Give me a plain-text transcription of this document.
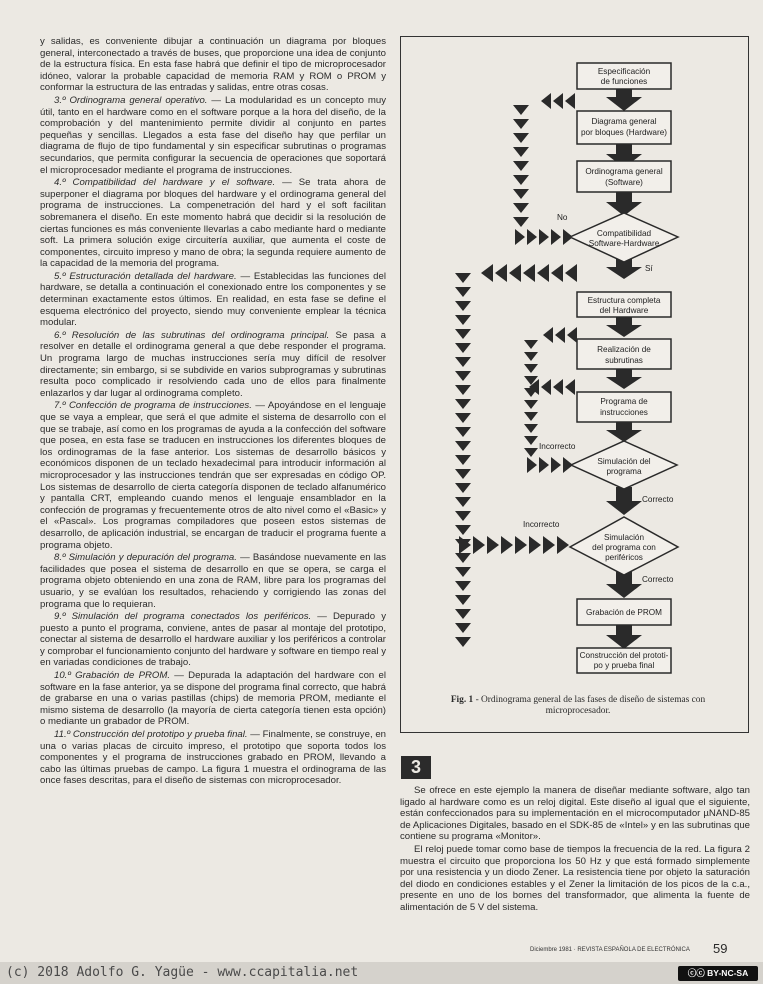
y salidas, es conveniente dibujar a continuación un diagrama por bloques general, interconectado a través de buses, que proporcione una idea de conjunto de la estructura física. En esta fase habrá que definir el tipo de microprocesador idóneo, valorar la probable capacidad de memoria RAM y ROM o PROM y conformar la estructura de las entradas y salidas, entre otras cosas.

3.º Ordinograma general operativo. — La modularidad es un concepto muy útil, tanto en el hardware como en el software porque a la hora del diseño, de la comprobación y del mantenimiento permite dividir al conjunto en partes pequeñas y sencillas. Llegados a esta fase del diseño hay que perfilar un diagrama de flujo de tipo fundamental y sin especificar subrutinas o programas secundarios, que permita configurar la secuencia de operaciones que soportará el microprocesador mediante el programa de instrucciones.

4.º Compatibilidad del hardware y el software. — Se trata ahora de superponer el diagrama por bloques del hardware y el ordinograma general del programa de instrucciones. La compenetración del hard y el soft facilitan sobremanera el diseño. En este momento habrá que decidir si la resolución de ciertas funciones es más conveniente llevarlas a cabo mediante hard o mediante soft. La primera solución exige circuitería auxiliar, que aumenta el coste de componentes, circuito impreso y mano de obra; la segunda requiere aumento de la capacidad de la memoria del programa.

5.º Estructuración detallada del hardware. — Establecidas las funciones del hardware, se detalla a continuación el conexionado entre los componentes y se determinan exactamente estos últimos. En realidad, en esta fase se define el esquema electrónico del proyecto, siendo muy conveniente emplear la técnica modular.

6.º Resolución de las subrutinas del ordinograma principal. Se pasa a resolver en detalle el ordinograma general a que debe responder el programa. Un programa largo de muchas instrucciones sería muy difícil de resolver directamente; sin embargo, si se subdivide en varios subprogramas y subrutinas resulta poco complicado ir resolviendo cada uno de ellos para finalmente enlazarlos y dar lugar al ordinograma completo.

7.º Confección de programa de instrucciones. — Apoyándose en el lenguaje que se vaya a emplear, que será el que admite el sistema de desarrollo con el que se trabaje, así como en los programas de ayuda a la confección del software que posea, en esta fase se traducen en instrucciones los diferentes bloques de los ordinogramas de la fase anterior. Los sistemas de desarrollo básicos y económicos disponen de un teclado hexadecimal para introducir información al microprocesador y las instrucciones tendrán que ser expresadas en código OP. Los sistemas de desarrollo de cierta categoría disponen de teclado alfanumérico y pantalla CRT, empleando cuando menos el lenguaje ensamblador en la confección de programas y frecuentemente otros de alto nivel como el «Basic» y el «Pascal». Los programas compiladores que poseen estos sistemas de desarrollo, de aplicación industrial, se encargan de traducir el programa fuente a programa objeto.

8.º Simulación y depuración del programa. — Basándose nuevamente en las facilidades que posea el sistema de desarrollo en que se opera, se carga el programa objeto obteniendo en una zona de RAM, libre para los programas del usuario, y se evalúan los resultados, rehaciendo y corrigiendo las zonas del programa que lo requieran.

9.º Simulación del programa conectados los periféricos. — Depurado y puesto a punto el programa, conviene, antes de pasar al montaje del prototipo, conectar al sistema de desarrollo el hardware auxiliar y los periféricos a controlar y comprobar el funcionamiento conjunto del hardware y software en tiempo real y en variadas condiciones de trabajo.

10.º Grabación de PROM. — Depurada la adaptación del hardware con el software en la fase anterior, ya se dispone del programa final correcto, que habrá de grabarse en una o varias pastillas (chips) de memoria PROM, mediante el mismo sistema de desarrollo (la mayoría de cierta categoría tienen esta opción) o mediante un grabador de PROM.

11.º Construcción del prototipo y prueba final. — Finalmente, se construye, en una o varias placas de circuito impreso, el prototipo que soporta todos los componentes y el programa de instrucciones grabado en PROM, llevando a cabo las últimas pruebas de campo. La figura 1 muestra el ordinograma de las once fases descritas, para el diseño de sistemas con microprocesador.

Especificación
de funciones
Diagrama general
por bloques (Hardware)
Ordinograma general
(Software)
Compatibilidad
Software-Hardware
Estructura completa
del Hardware
Realización de
subrutinas
Programa de
instrucciones
Simulación del
programa
Simulación
del programa con
periféricos
Grabación de PROM
Construcción del prototi-
po y prueba final
No
Sí
Incorrecto
Correcto
Incorrecto
Correcto
Fig. 1 - Ordinograma general de las fases de diseño de sistemas con microprocesador.
3

Se ofrece en este ejemplo la manera de diseñar mediante software, algo tan ligado al hardware como es un reloj digital. Este diseño al igual que el siguiente, están confeccionados para su implementación en el microcomputador µNAND-85 de Aplicaciones Digitales, basado en el SDK-85 de «Intel» y en las subrutinas que contiene su programa «Monitor».

El reloj puede tomar como base de tiempos la frecuencia de la red. La figura 2 muestra el circuito que proporciona los 50 Hz y que está formado simplemente por una resistencia y un diodo Zener. La resistencia tiene por objeto la saturación del diodo en condiciones estables y el Zener la limitación de los picos de la c.a., presente en uno de los bornes del transformador, que alimenta la fuente de alimentación de 5 V del sistema.

Diciembre 1981 · REVISTA ESPAÑOLA DE ELECTRÓNICA 59
(c) 2018 Adolfo G. Yagüe - www.ccapitalia.net	ⓒⓒ BY-NC-SA
